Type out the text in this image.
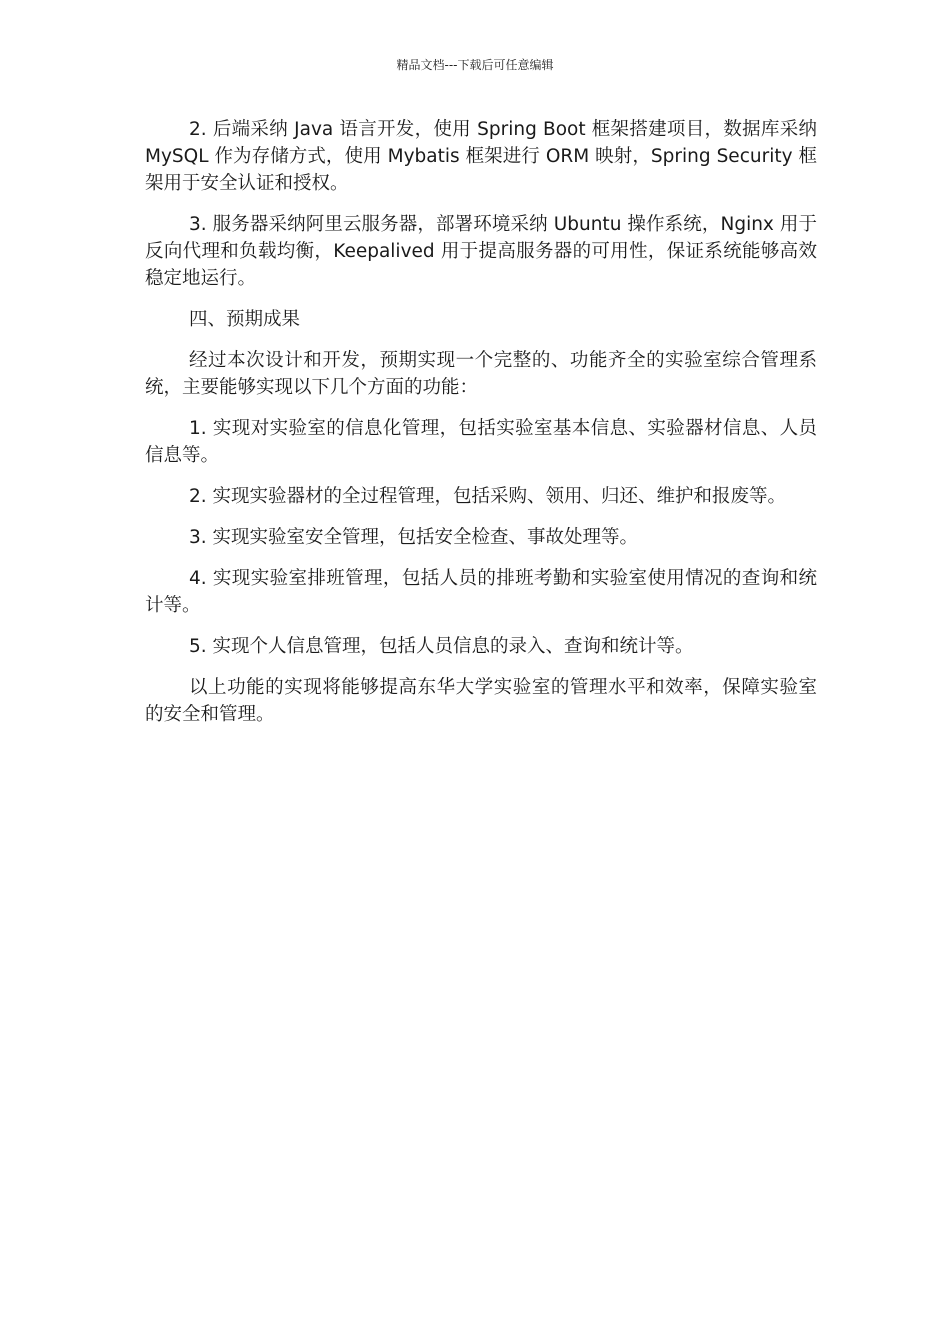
精品文档---下载后可任意编辑

2. 后端采纳 Java 语言开发，使用 Spring Boot 框架搭建项目，数据库采纳 MySQL 作为存储方式，使用 Mybatis 框架进行 ORM 映射，Spring Security 框架用于安全认证和授权。

3. 服务器采纳阿里云服务器，部署环境采纳 Ubuntu 操作系统，Nginx 用于反向代理和负载均衡，Keepalived 用于提高服务器的可用性，保证系统能够高效稳定地运行。

四、预期成果

经过本次设计和开发，预期实现一个完整的、功能齐全的实验室综合管理系统，主要能够实现以下几个方面的功能：

1. 实现对实验室的信息化管理，包括实验室基本信息、实验器材信息、人员信息等。

2. 实现实验器材的全过程管理，包括采购、领用、归还、维护和报废等。

3. 实现实验室安全管理，包括安全检查、事故处理等。

4. 实现实验室排班管理，包括人员的排班考勤和实验室使用情况的查询和统计等。

5. 实现个人信息管理，包括人员信息的录入、查询和统计等。

以上功能的实现将能够提高东华大学实验室的管理水平和效率，保障实验室的安全和管理。
